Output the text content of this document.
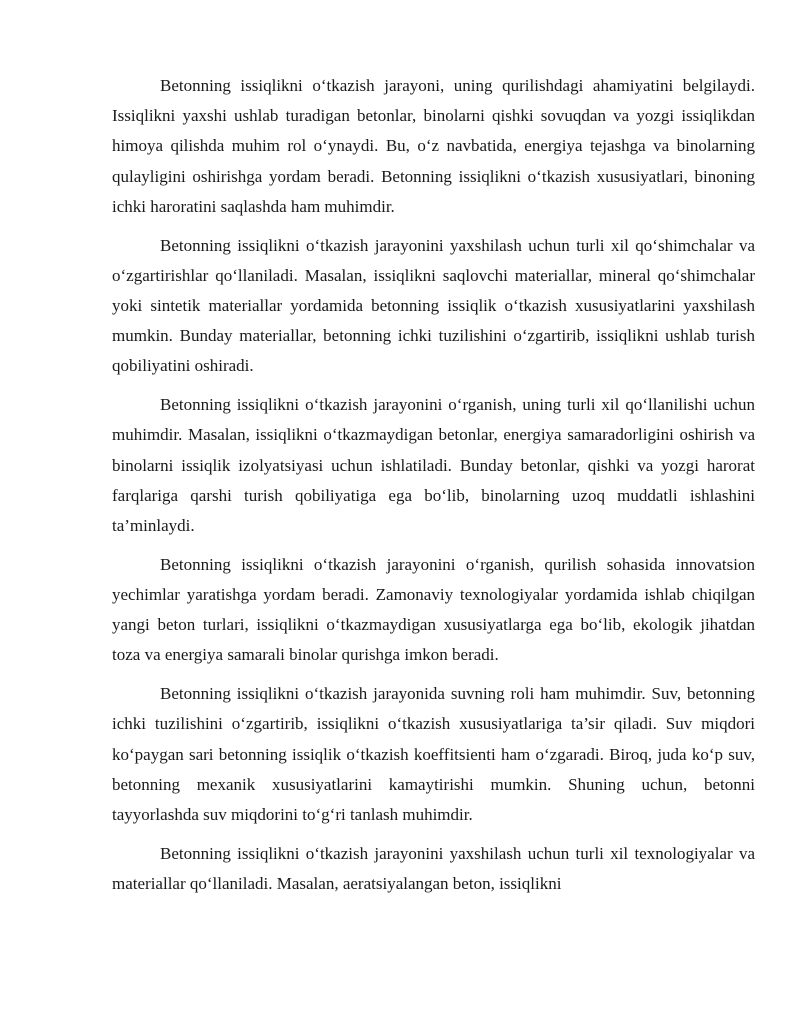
Betonning issiqlikni o‘tkazish jarayoni, uning qurilishdagi ahamiyatini belgilaydi. Issiqlikni yaxshi ushlab turadigan betonlar, binolarni qishki sovuqdan va yozgi issiqlikdan himoya qilishda muhim rol o‘ynaydi. Bu, o‘z navbatida, energiya tejashga va binolarning qulayligini oshirishga yordam beradi. Betonning issiqlikni o‘tkazish xususiyatlari, binoning ichki haroratini saqlashda ham muhimdir.

Betonning issiqlikni o‘tkazish jarayonini yaxshilash uchun turli xil qo‘shimchalar va o‘zgartirishlar qo‘llaniladi. Masalan, issiqlikni saqlovchi materiallar, mineral qo‘shimchalar yoki sintetik materiallar yordamida betonning issiqlik o‘tkazish xususiyatlarini yaxshilash mumkin. Bunday materiallar, betonning ichki tuzilishini o‘zgartirib, issiqlikni ushlab turish qobiliyatini oshiradi.

Betonning issiqlikni o‘tkazish jarayonini o‘rganish, uning turli xil qo‘llanilishi uchun muhimdir. Masalan, issiqlikni o‘tkazmaydigan betonlar, energiya samaradorligini oshirish va binolarni issiqlik izolyatsiyasi uchun ishlatiladi. Bunday betonlar, qishki va yozgi harorat farqlariga qarshi turish qobiliyatiga ega bo‘lib, binolarning uzoq muddatli ishlashini ta’minlaydi.

Betonning issiqlikni o‘tkazish jarayonini o‘rganish, qurilish sohasida innovatsion yechimlar yaratishga yordam beradi. Zamonaviy texnologiyalar yordamida ishlab chiqilgan yangi beton turlari, issiqlikni o‘tkazmaydigan xususiyatlarga ega bo‘lib, ekologik jihatdan toza va energiya samarali binolar qurishga imkon beradi.

Betonning issiqlikni o‘tkazish jarayonida suvning roli ham muhimdir. Suv, betonning ichki tuzilishini o‘zgartirib, issiqlikni o‘tkazish xususiyatlariga ta’sir qiladi. Suv miqdori ko‘paygan sari betonning issiqlik o‘tkazish koeffitsienti ham o‘zgaradi. Biroq, juda ko‘p suv, betonning mexanik xususiyatlarini kamaytirishi mumkin. Shuning uchun, betonni tayyorlashda suv miqdorini to‘g‘ri tanlash muhimdir.

Betonning issiqlikni o‘tkazish jarayonini yaxshilash uchun turli xil texnologiyalar va materiallar qo‘llaniladi. Masalan, aeratsiyalangan beton, issiqlikni
